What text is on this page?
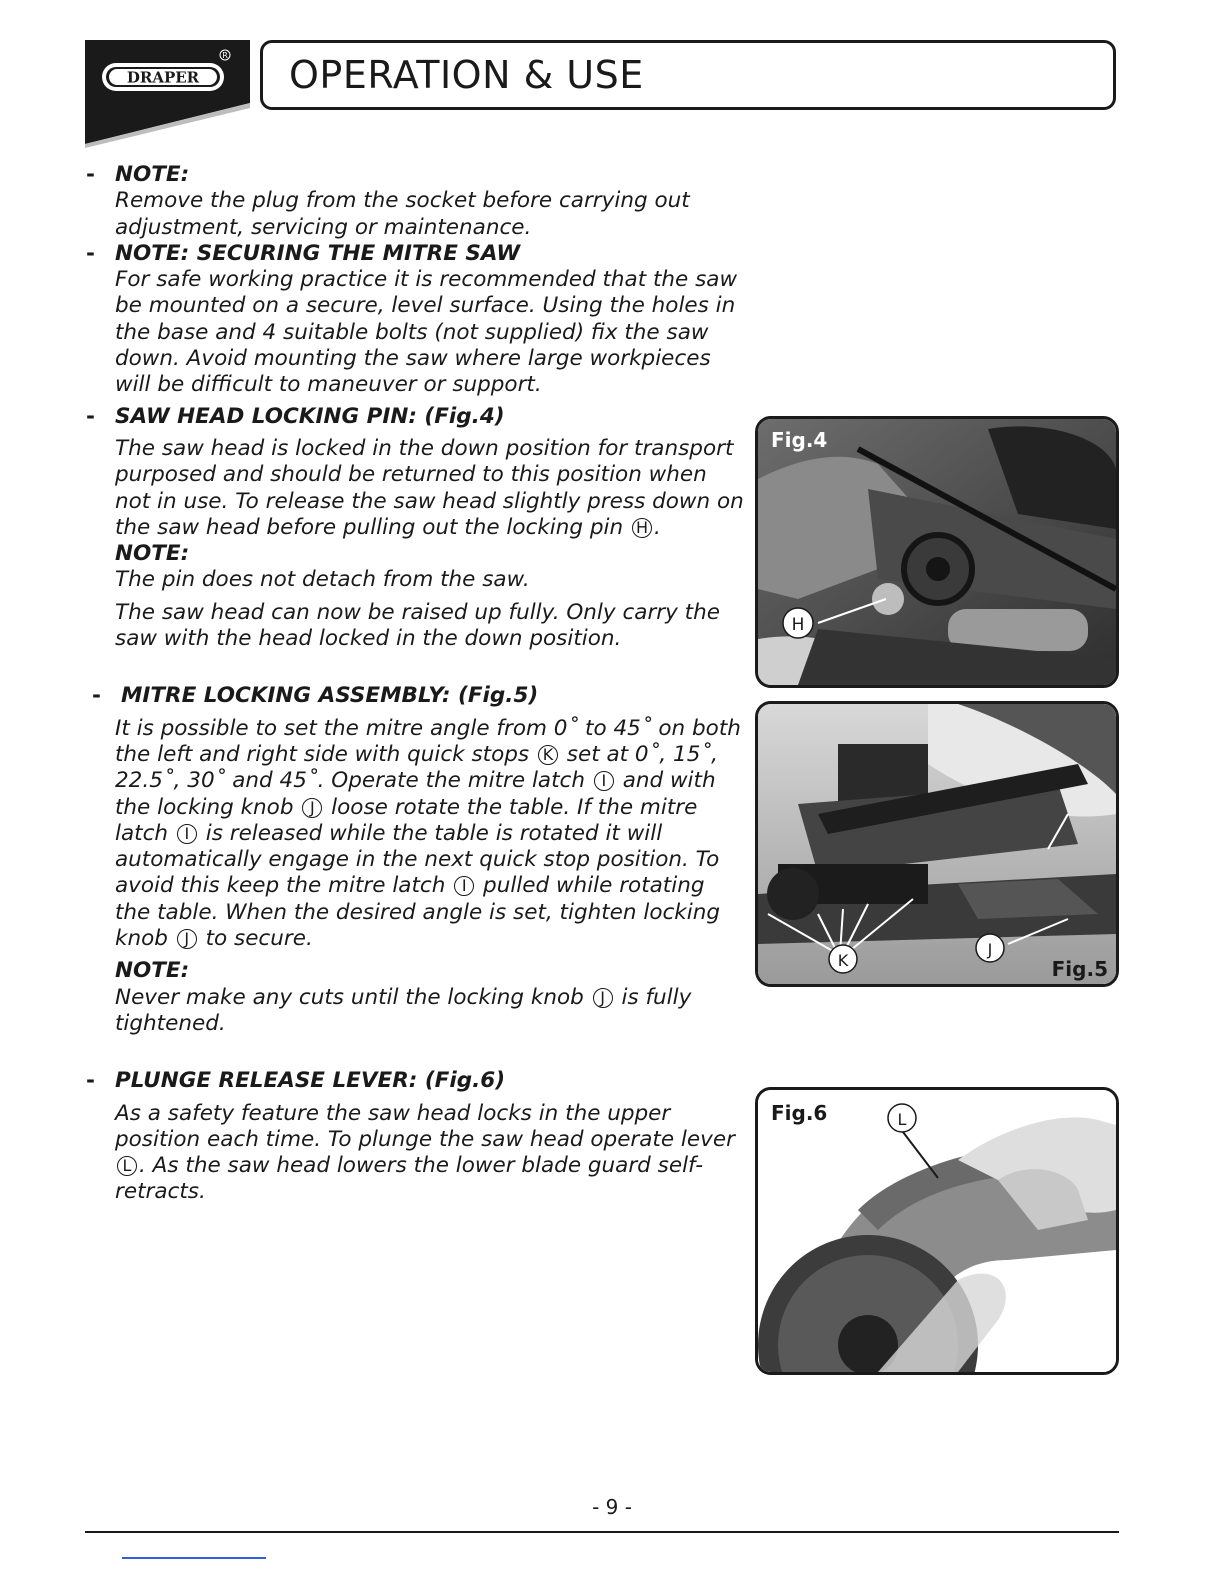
DRAPER
R OPERATION & USE
- NOTE:

Remove the plug from the socket before carrying out adjustment, servicing or maintenance.

- NOTE: SECURING THE MITRE SAW

For safe working practice it is recommended that the saw be mounted on a secure, level surface. Using the holes in the base and 4 suitable bolts (not supplied) fix the saw down. Avoid mounting the saw where large workpieces will be difficult to maneuver or support.

- SAW HEAD LOCKING PIN: (Fig.4)

The saw head is locked in the down position for transport purposed and should be returned to this position when not in use. To release the saw head slightly press down on the saw head before pulling out the locking pin H .

NOTE:

The pin does not detach from the saw.

The saw head can now be raised up fully. Only carry the saw with the head locked in the down position.

- MITRE LOCKING ASSEMBLY: (Fig.5)

It is possible to set the mitre angle from 0˚ to 45˚ on both the left and right side with quick stops K set at 0˚, 15˚, 22.5˚, 30˚ and 45˚. Operate the mitre latch I and with the locking knob J loose rotate the table. If the mitre latch I is released while the table is rotated it will automatically engage in the next quick stop position. To avoid this keep the mitre latch I pulled while rotating the table. When the desired angle is set, tighten locking knob J to secure.

NOTE:

Never make any cuts until the locking knob J is fully tightened.

- PLUNGE RELEASE LEVER: (Fig.6)

As a safety feature the saw head locks in the upper position each time. To plunge the saw head operate lever L . As the saw head lowers the lower blade guard self-retracts.

H
Fig.4
K
J
Fig.5
L
Fig.6
- 9 -
